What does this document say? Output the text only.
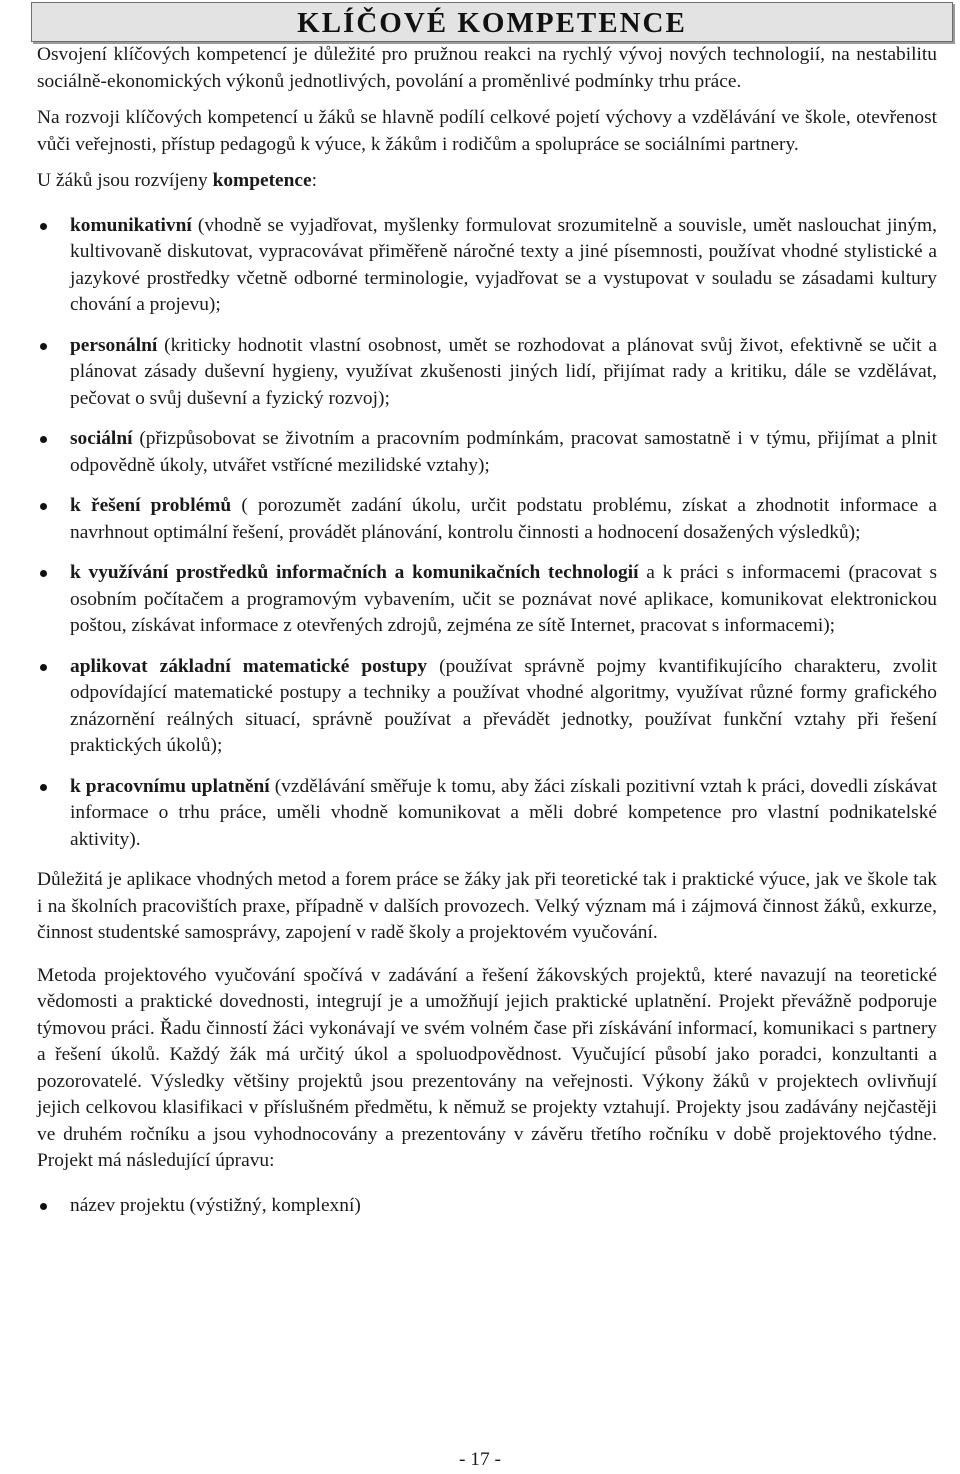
KLÍČOVÉ KOMPETENCE

Osvojení klíčových kompetencí je důležité pro pružnou reakci na rychlý vývoj nových technologií, na nestabilitu sociálně-ekonomických výkonů jednotlivých, povolání a proměnlivé podmínky trhu práce.

Na rozvoji klíčových kompetencí u žáků se hlavně podílí celkové pojetí výchovy a vzdělávání ve škole, otevřenost vůči veřejnosti, přístup pedagogů k výuce, k žákům i rodičům a spolupráce se sociálními partnery.

U žáků jsou rozvíjeny kompetence:

komunikativní (vhodně se vyjadřovat, myšlenky formulovat srozumitelně a souvisle, umět naslouchat jiným, kultivovaně diskutovat, vypracovávat přiměřeně náročné texty a jiné písemnosti, používat vhodné stylistické a jazykové prostředky včetně odborné terminologie, vyjadřovat se a vystupovat v souladu se zásadami kultury chování a projevu);
personální (kriticky hodnotit vlastní osobnost, umět se rozhodovat a plánovat svůj život, efektivně se učit a plánovat zásady duševní hygieny, využívat zkušenosti jiných lidí, přijímat rady a kritiku, dále se vzdělávat, pečovat o svůj duševní a fyzický rozvoj);
sociální (přizpůsobovat se životním a pracovním podmínkám, pracovat samostatně i v týmu, přijímat a plnit odpovědně úkoly, utvářet vstřícné mezilidské vztahy);
k řešení problémů ( porozumět zadání úkolu, určit podstatu problému, získat a zhodnotit informace a navrhnout optimální řešení, provádět plánování, kontrolu činnosti a hodnocení dosažených výsledků);
k využívání prostředků informačních a komunikačních technologií a k práci s informacemi (pracovat s osobním počítačem a programovým vybavením, učit se poznávat nové aplikace, komunikovat elektronickou poštou, získávat informace z otevřených zdrojů, zejména ze sítě Internet, pracovat s informacemi);
aplikovat základní matematické postupy (používat správně pojmy kvantifikujícího charakteru, zvolit odpovídající matematické postupy a techniky a používat vhodné algoritmy, využívat různé formy grafického znázornění reálných situací, správně používat a převádět jednotky, používat funkční vztahy při řešení praktických úkolů);
k pracovnímu uplatnění (vzdělávání směřuje k tomu, aby žáci získali pozitivní vztah k práci, dovedli získávat informace o trhu práce, uměli vhodně komunikovat a měli dobré kompetence pro vlastní podnikatelské aktivity).

Důležitá je aplikace vhodných metod a forem práce se žáky jak při teoretické tak i praktické výuce, jak ve škole tak i na školních pracovištích praxe, případně v dalších provozech. Velký význam má i zájmová činnost žáků, exkurze, činnost studentské samosprávy, zapojení v radě školy a projektovém vyučování.

Metoda projektového vyučování spočívá v zadávání a řešení žákovských projektů, které navazují na teoretické vědomosti a praktické dovednosti, integrují je a umožňují jejich praktické uplatnění. Projekt převážně podporuje týmovou práci. Řadu činností žáci vykonávají ve svém volném čase při získávání informací, komunikaci s partnery a řešení úkolů. Každý žák má určitý úkol a spoluodpovědnost. Vyučující působí jako poradci, konzultanti a pozorovatelé. Výsledky většiny projektů jsou prezentovány na veřejnosti. Výkony žáků v projektech ovlivňují jejich celkovou klasifikaci v příslušném předmětu, k němuž se projekty vztahují. Projekty jsou zadávány nejčastěji ve druhém ročníku a jsou vyhodnocovány a prezentovány v závěru třetího ročníku v době projektového týdne. Projekt má následující úpravu:

název projektu (výstižný, komplexní)
- 17 -
